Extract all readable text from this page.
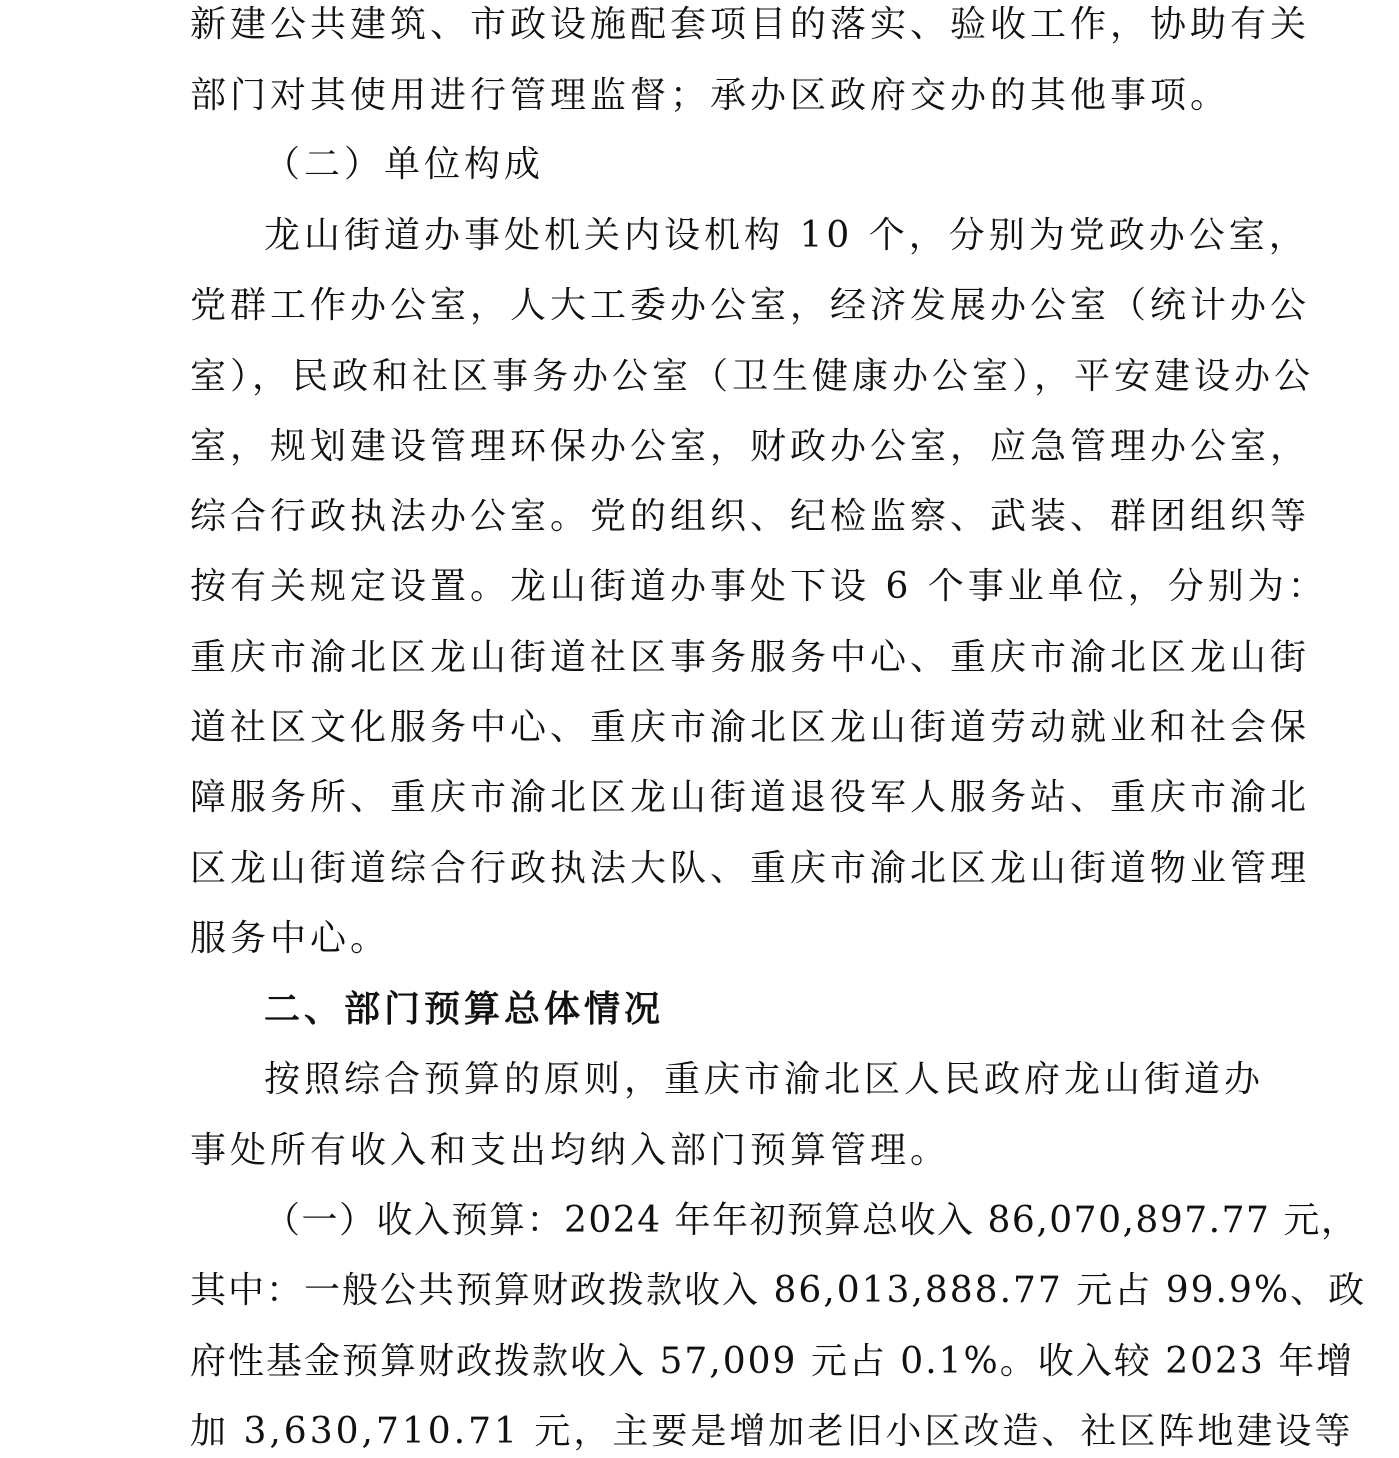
新建公共建筑、市政设施配套项目的落实、验收工作，协助有关
部门对其使用进行管理监督；承办区政府交办的其他事项。
（二）单位构成
龙山街道办事处机关内设机构 10 个，分别为党政办公室，
党群工作办公室，人大工委办公室，经济发展办公室（统计办公
室），民政和社区事务办公室（卫生健康办公室），平安建设办公
室，规划建设管理环保办公室，财政办公室，应急管理办公室，
综合行政执法办公室。党的组织、纪检监察、武装、群团组织等
按有关规定设置。龙山街道办事处下设 6 个事业单位，分别为：
重庆市渝北区龙山街道社区事务服务中心、重庆市渝北区龙山街
道社区文化服务中心、重庆市渝北区龙山街道劳动就业和社会保
障服务所、重庆市渝北区龙山街道退役军人服务站、重庆市渝北
区龙山街道综合行政执法大队、重庆市渝北区龙山街道物业管理
服务中心。
二、部门预算总体情况
按照综合预算的原则，重庆市渝北区人民政府龙山街道办
事处所有收入和支出均纳入部门预算管理。
（一）收入预算：2024 年年初预算总收入 86,070,897.77 元，
其中：一般公共预算财政拨款收入 86,013,888.77 元占 99.9%、政
府性基金预算财政拨款收入 57,009 元占 0.1%。收入较 2023 年增
加 3,630,710.71 元，主要是增加老旧小区改造、社区阵地建设等
